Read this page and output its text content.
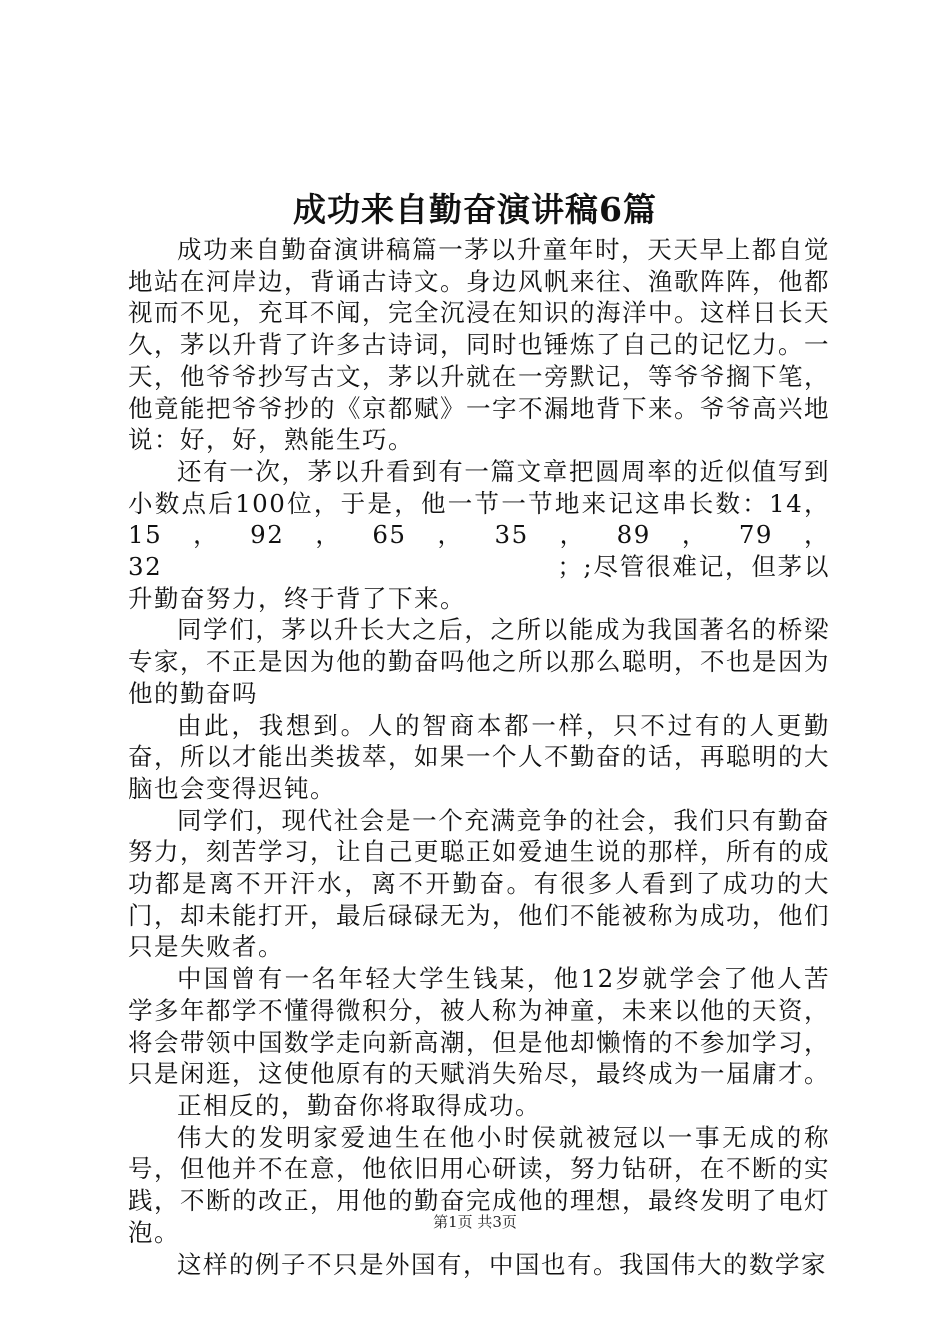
成功来自勤奋演讲稿6篇

成功来自勤奋演讲稿篇一茅以升童年时，天天早上都自觉地站在河岸边，背诵古诗文。身边风帆来往、渔歌阵阵，他都视而不见，充耳不闻，完全沉浸在知识的海洋中。这样日长天久，茅以升背了许多古诗词，同时也锤炼了自己的记忆力。一天，他爷爷抄写古文，茅以升就在一旁默记，等爷爷搁下笔，他竟能把爷爷抄的《京都赋》一字不漏地背下来。爷爷高兴地说：好，好，熟能生巧。

还有一次，茅以升看到有一篇文章把圆周率的近似值写到小数点后100位，于是，他一节一节地来记这串长数：14，15，92，65，35，89，79，32　　　　　　　　　　　　　　　；;尽管很难记，但茅以升勤奋努力，终于背了下来。

同学们，茅以升长大之后，之所以能成为我国著名的桥梁专家，不正是因为他的勤奋吗他之所以那么聪明，不也是因为他的勤奋吗

由此，我想到。人的智商本都一样，只不过有的人更勤奋，所以才能出类拔萃，如果一个人不勤奋的话，再聪明的大脑也会变得迟钝。

同学们，现代社会是一个充满竞争的社会，我们只有勤奋努力，刻苦学习，让自己更聪正如爱迪生说的那样，所有的成功都是离不开汗水，离不开勤奋。有很多人看到了成功的大门，却未能打开，最后碌碌无为，他们不能被称为成功，他们只是失败者。

中国曾有一名年轻大学生钱某，他12岁就学会了他人苦学多年都学不懂得微积分，被人称为神童，未来以他的天资，将会带领中国数学走向新高潮，但是他却懒惰的不参加学习，只是闲逛，这使他原有的天赋消失殆尽，最终成为一届庸才。

正相反的，勤奋你将取得成功。

伟大的发明家爱迪生在他小时侯就被冠以一事无成的称号，但他并不在意，他依旧用心研读，努力钻研，在不断的实践，不断的改正，用他的勤奋完成他的理想，最终发明了电灯泡。

这样的例子不只是外国有，中国也有。我国伟大的数学家

第1页 共3页
